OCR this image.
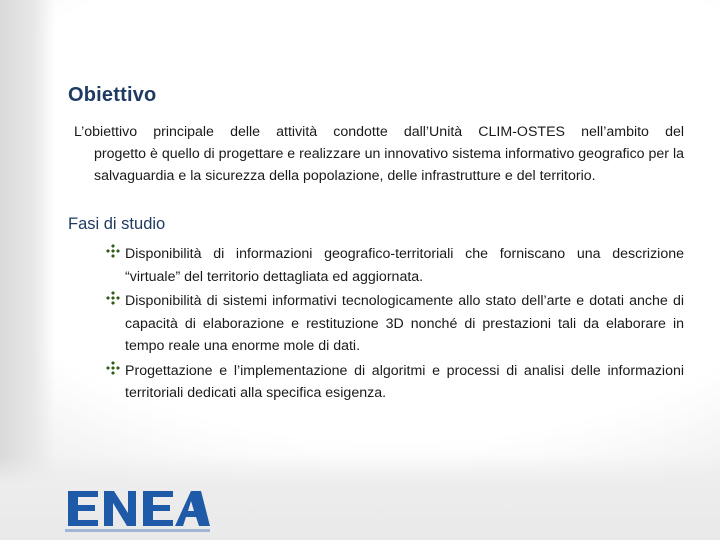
Obiettivo

L’obiettivo principale delle attività condotte dall’Unità CLIM-OSTES nell’ambito del
progetto è quello di progettare e realizzare un innovativo sistema informativo geografico per la salvaguardia e la sicurezza della popolazione, delle infrastrutture e del territorio.

Fasi di studio
Disponibilità di informazioni geografico-territoriali che forniscano una descrizione “virtuale” del territorio dettagliata ed aggiornata.
Disponibilità di sistemi informativi tecnologicamente allo stato dell’arte e dotati anche di capacità di elaborazione e restituzione 3D nonché di prestazioni tali da elaborare in tempo reale una enorme mole di dati.
Progettazione e l’implementazione di algoritmi e processi di analisi delle informazioni territoriali dedicati alla specifica esigenza.
